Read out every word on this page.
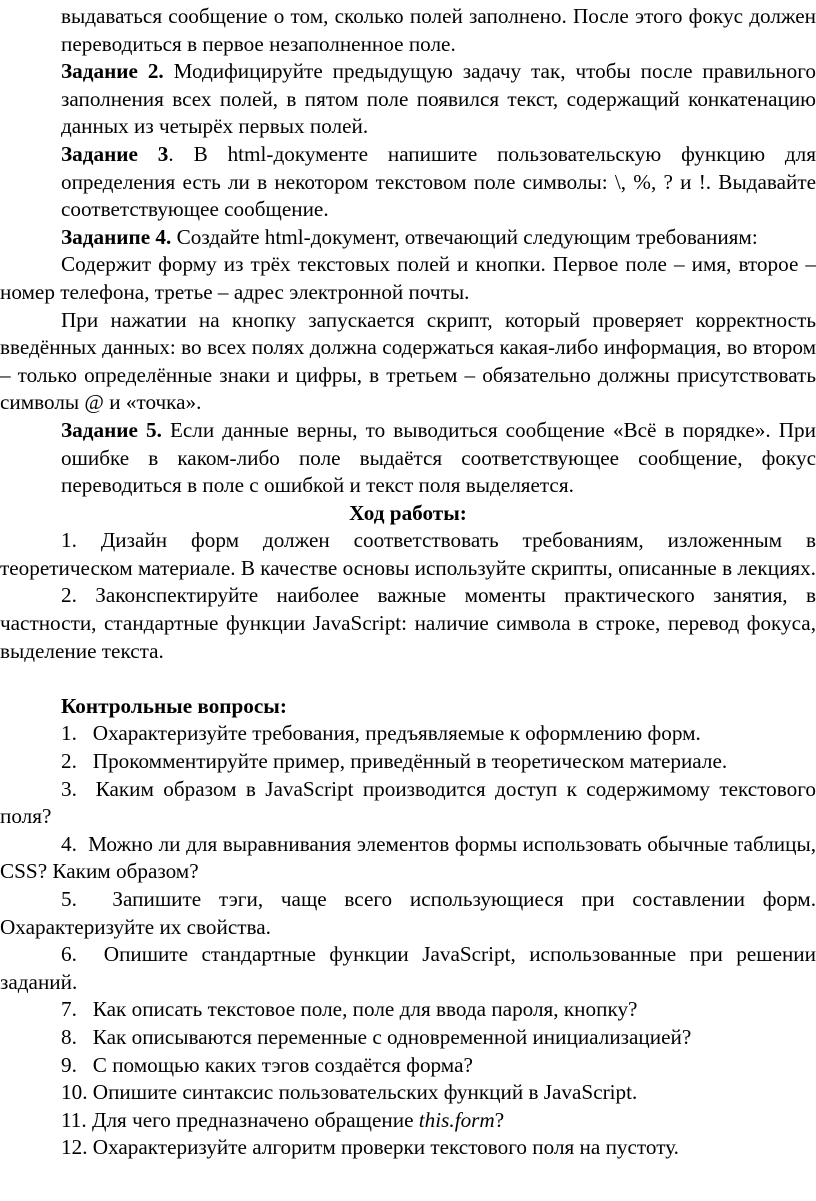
выдаваться сообщение о том, сколько полей заполнено. После этого фокус должен переводиться в первое незаполненное поле.

Задание 2. Модифицируйте предыдущую задачу так, чтобы после правильного заполнения всех полей, в пятом поле появился текст, содержащий конкатенацию данных из четырёх первых полей.

Задание 3. В html-документе напишите пользовательскую функцию для определения есть ли в некотором текстовом поле символы: \, %, ? и !. Выдавайте соответствующее сообщение.

Заданипе 4. Создайте html-документ, отвечающий следующим требованиям:

Содержит форму из трёх текстовых полей и кнопки. Первое поле – имя, второе – номер телефона, третье – адрес электронной почты.

При нажатии на кнопку запускается скрипт, который проверяет корректность введённых данных: во всех полях должна содержаться какая-либо информация, во втором – только определённые знаки и цифры, в третьем – обязательно должны присутствовать символы @ и «точка».

Задание 5. Если данные верны, то выводиться сообщение «Всё в порядке». При ошибке в каком-либо поле выдаётся соответствующее сообщение, фокус переводиться в поле с ошибкой и текст поля выделяется.

Ход работы:

1. Дизайн форм должен соответствовать требованиям, изложенным в теоретическом материале. В качестве основы используйте скрипты, описанные в лекциях.

2. Законспектируйте наиболее важные моменты практического занятия, в частности, стандартные функции JavaScript: наличие символа в строке, перевод фокуса, выделение текста.

Контрольные вопросы:

1. Охарактеризуйте требования, предъявляемые к оформлению форм.

2. Прокомментируйте пример, приведённый в теоретическом материале.

3. Каким образом в JavaScript производится доступ к содержимому текстового поля?

4. Можно ли для выравнивания элементов формы использовать обычные таблицы, CSS? Каким образом?

5. Запишите тэги, чаще всего использующиеся при составлении форм. Охарактеризуйте их свойства.

6. Опишите стандартные функции JavaScript, использованные при решении заданий.

7. Как описать текстовое поле, поле для ввода пароля, кнопку?

8. Как описываются переменные с одновременной инициализацией?

9. С помощью каких тэгов создаётся форма?

10. Опишите синтаксис пользовательских функций в JavaScript.

11. Для чего предназначено обращение this.form?

12. Охарактеризуйте алгоритм проверки текстового поля на пустоту.
